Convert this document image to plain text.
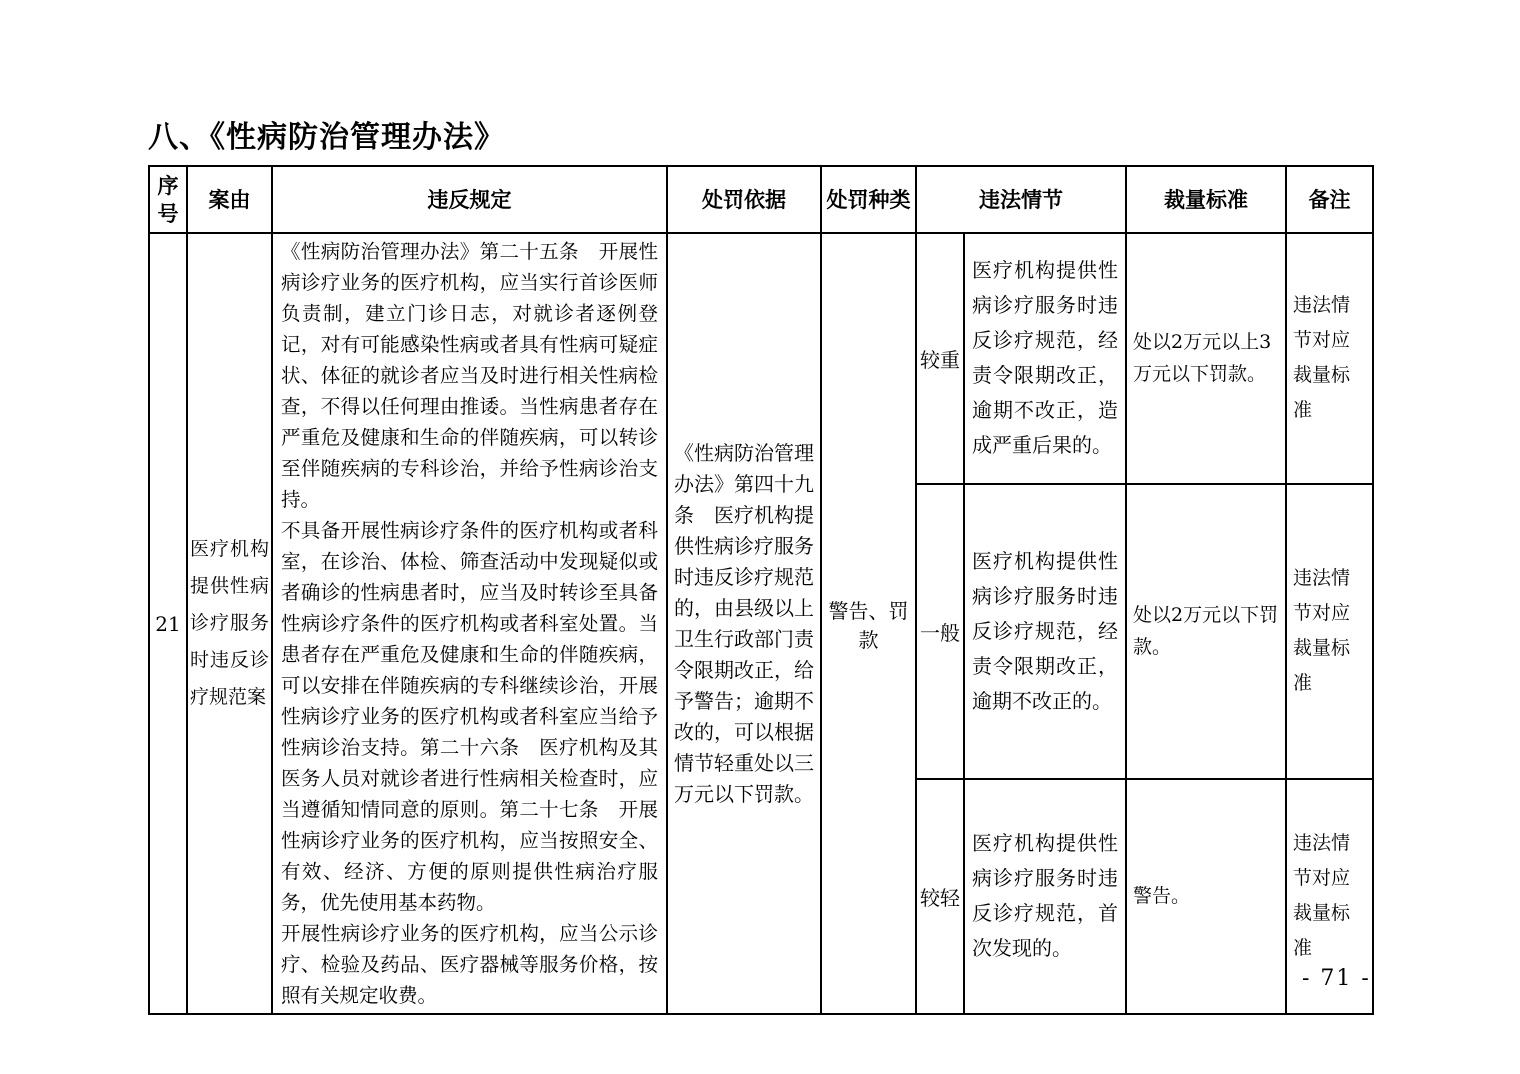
八、《性病防治管理办法》
序号	案由	违反规定	处罚依据	处罚种类	违法情节		裁量标准	备注
21	医疗机构提供性病诊疗服务时违反诊疗规范案	《性病防治管理办法》第二十五条　开展性病诊疗业务的医疗机构，应当实行首诊医师负责制，建立门诊日志，对就诊者逐例登记，对有可能感染性病或者具有性病可疑症状、体征的就诊者应当及时进行相关性病检查，不得以任何理由推诿。当性病患者存在严重危及健康和生命的伴随疾病，可以转诊至伴随疾病的专科诊治，并给予性病诊治支持。

不具备开展性病诊疗条件的医疗机构或者科室，在诊治、体检、筛查活动中发现疑似或者确诊的性病患者时，应当及时转诊至具备性病诊疗条件的医疗机构或者科室处置。当患者存在严重危及健康和生命的伴随疾病，可以安排在伴随疾病的专科继续诊治，开展性病诊疗业务的医疗机构或者科室应当给予性病诊治支持。第二十六条　医疗机构及其医务人员对就诊者进行性病相关检查时，应当遵循知情同意的原则。第二十七条　开展性病诊疗业务的医疗机构，应当按照安全、有效、经济、方便的原则提供性病治疗服务，优先使用基本药物。

开展性病诊疗业务的医疗机构，应当公示诊疗、检验及药品、医疗器械等服务价格，按照有关规定收费。	《性病防治管理办法》第四十九条　医疗机构提供性病诊疗服务时违反诊疗规范的，由县级以上卫生行政部门责令限期改正，给予警告；逾期不改的，可以根据情节轻重处以三万元以下罚款。	警告、罚款	较重	医疗机构提供性病诊疗服务时违反诊疗规范，经责令限期改正，逾期不改正，造成严重后果的。	处以2万元以上3万元以下罚款。	违法情节对应裁量标准
					一般	医疗机构提供性病诊疗服务时违反诊疗规范，经责令限期改正，逾期不改正的。	处以2万元以下罚款。	违法情节对应裁量标准
					较轻	医疗机构提供性病诊疗服务时违反诊疗规范，首次发现的。	警告。	违法情节对应裁量标准
- 71 -
